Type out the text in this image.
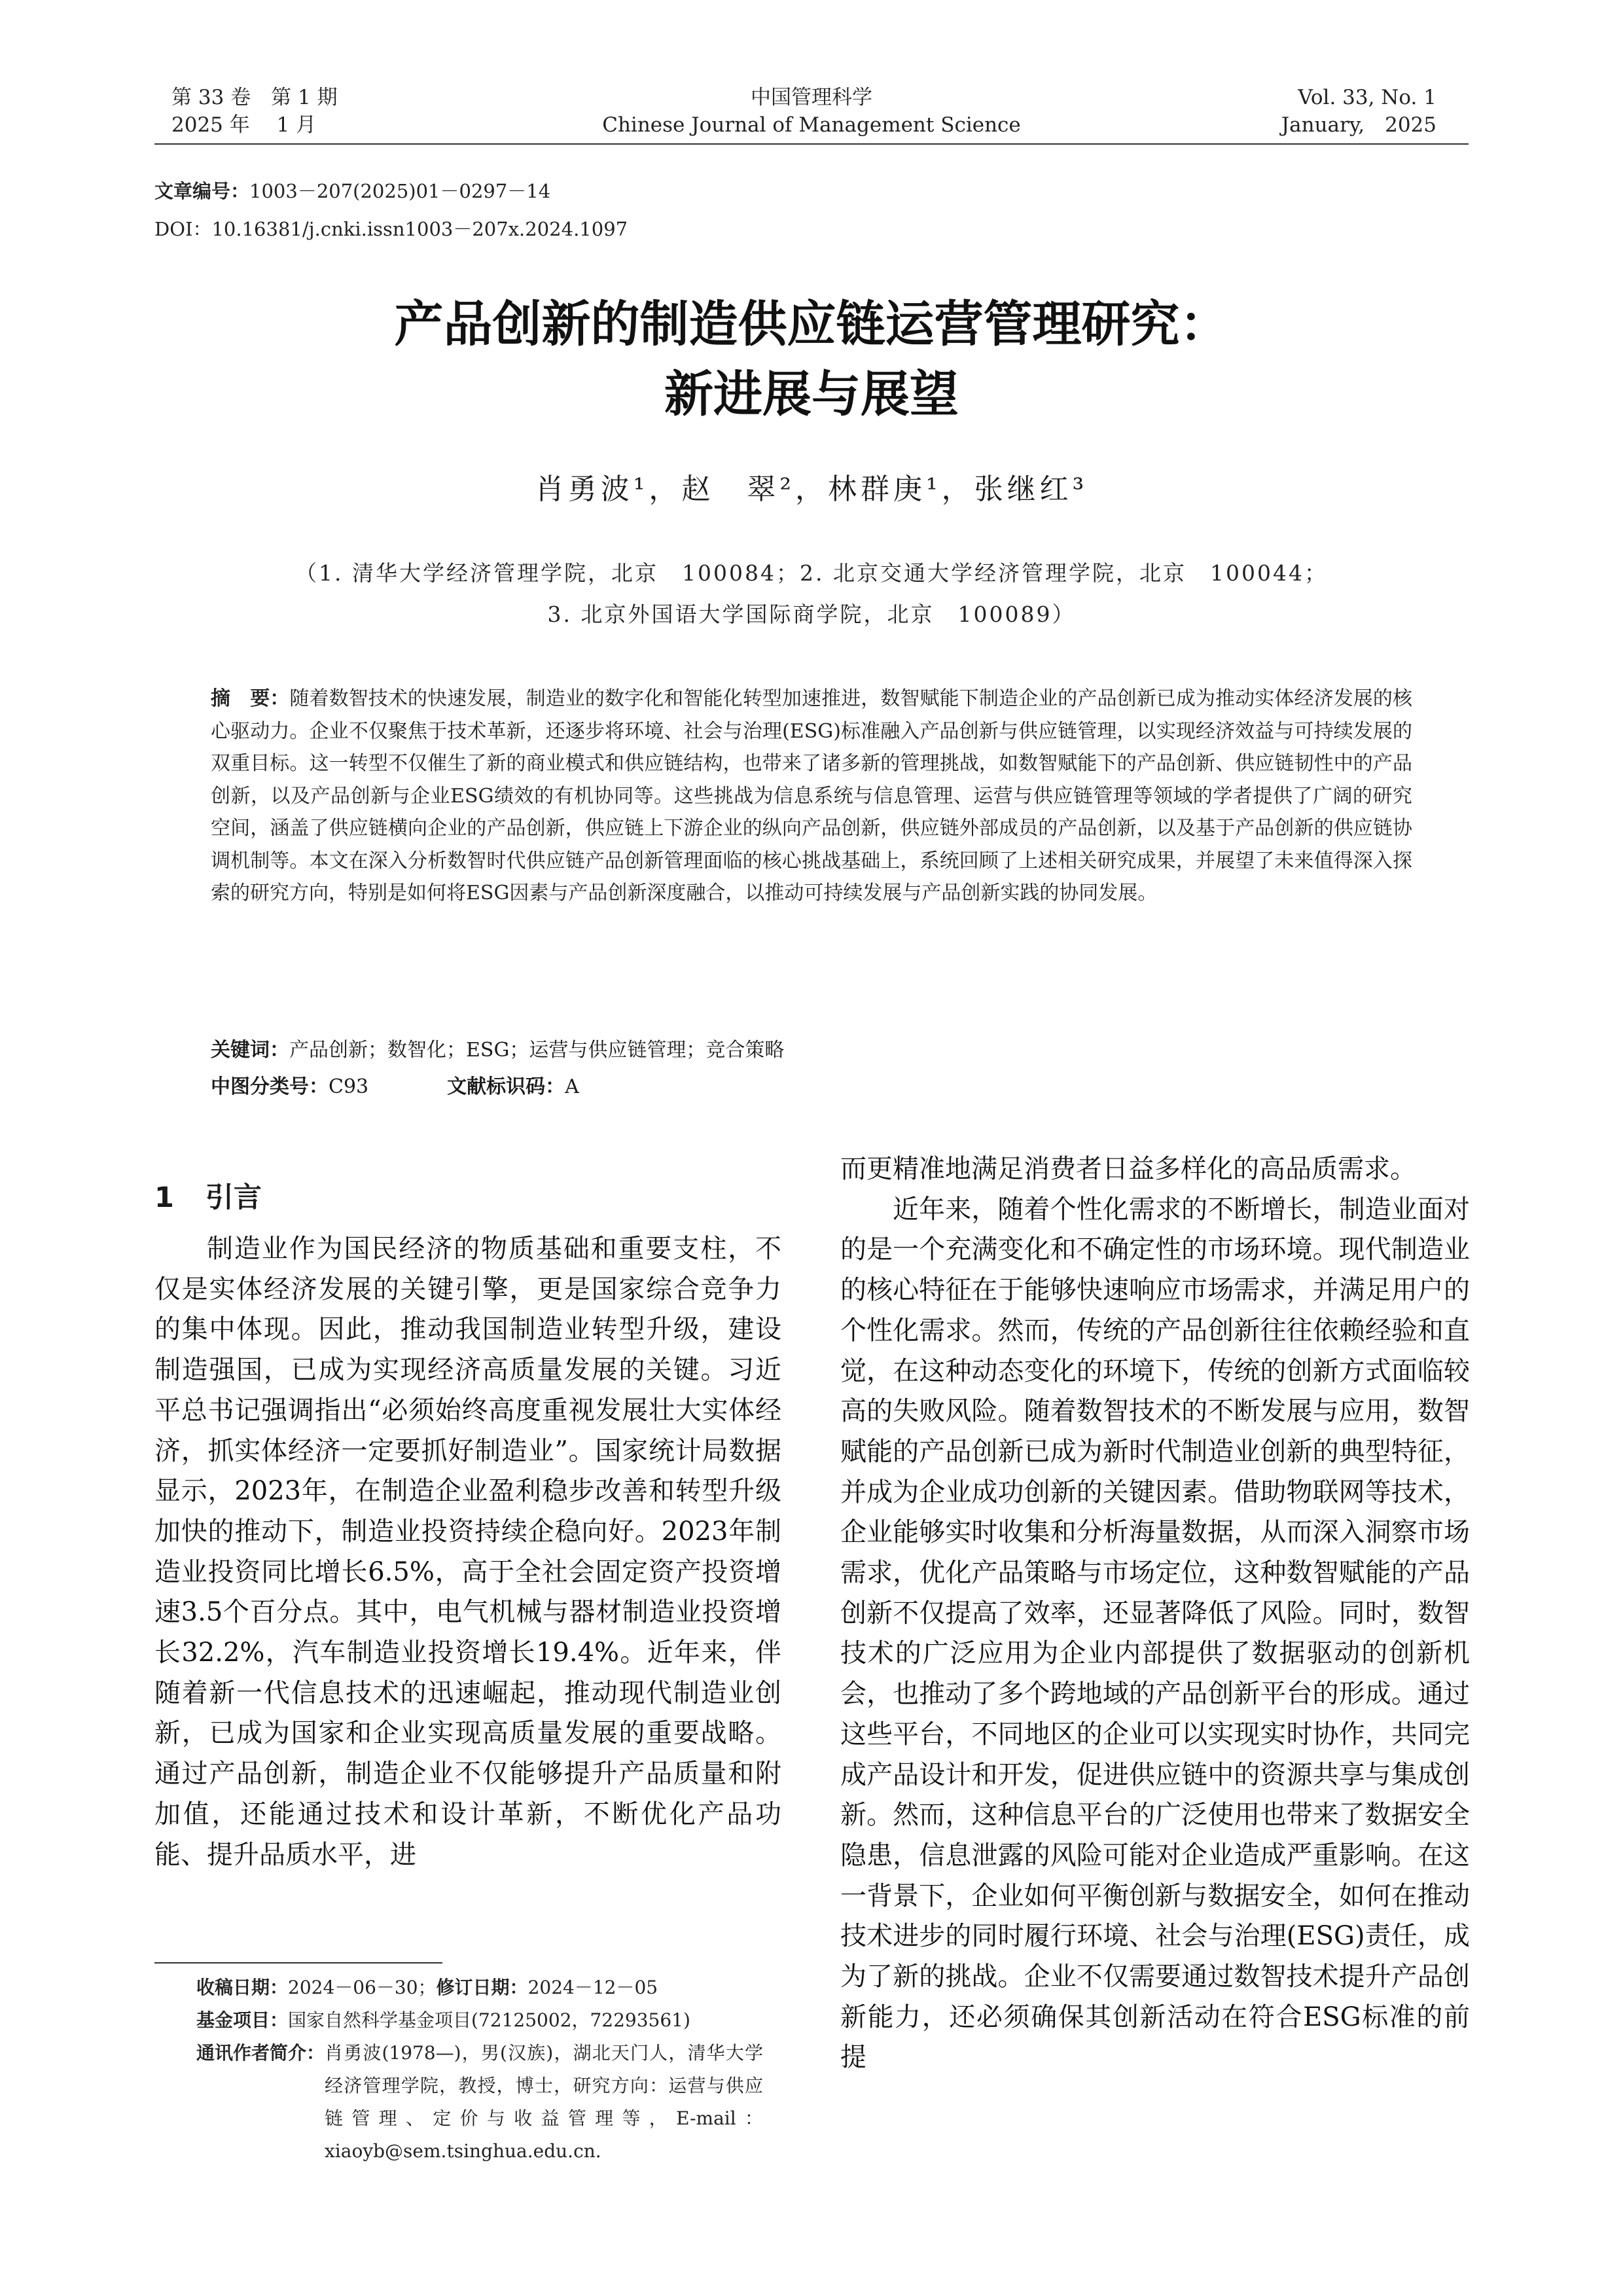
第 33 卷　第 1 期
2025 年　 1 月
中国管理科学
Chinese Journal of Management Science
Vol. 33, No. 1
January,　2025
文章编号：1003－207(2025)01－0297－14
DOI：10.16381/j.cnki.issn1003－207x.2024.1097
产品创新的制造供应链运营管理研究：
新进展与展望
肖勇波¹，赵　翠²，林群庚¹，张继红³
（1. 清华大学经济管理学院，北京　100084；2. 北京交通大学经济管理学院，北京　100044；
3. 北京外国语大学国际商学院，北京　100089）
摘　要：随着数智技术的快速发展，制造业的数字化和智能化转型加速推进，数智赋能下制造企业的产品创新已成为推动实体经济发展的核心驱动力。企业不仅聚焦于技术革新，还逐步将环境、社会与治理(ESG)标准融入产品创新与供应链管理，以实现经济效益与可持续发展的双重目标。这一转型不仅催生了新的商业模式和供应链结构，也带来了诸多新的管理挑战，如数智赋能下的产品创新、供应链韧性中的产品创新，以及产品创新与企业ESG绩效的有机协同等。这些挑战为信息系统与信息管理、运营与供应链管理等领域的学者提供了广阔的研究空间，涵盖了供应链横向企业的产品创新，供应链上下游企业的纵向产品创新，供应链外部成员的产品创新，以及基于产品创新的供应链协调机制等。本文在深入分析数智时代供应链产品创新管理面临的核心挑战基础上，系统回顾了上述相关研究成果，并展望了未来值得深入探索的研究方向，特别是如何将ESG因素与产品创新深度融合，以推动可持续发展与产品创新实践的协同发展。
关键词：产品创新；数智化；ESG；运营与供应链管理；竞合策略
中图分类号：C93	文献标识码：A
1 引言

制造业作为国民经济的物质基础和重要支柱，不仅是实体经济发展的关键引擎，更是国家综合竞争力的集中体现。因此，推动我国制造业转型升级，建设制造强国，已成为实现经济高质量发展的关键。习近平总书记强调指出“必须始终高度重视发展壮大实体经济，抓实体经济一定要抓好制造业”。国家统计局数据显示，2023年，在制造企业盈利稳步改善和转型升级加快的推动下，制造业投资持续企稳向好。2023年制造业投资同比增长6.5%，高于全社会固定资产投资增速3.5个百分点。其中，电气机械与器材制造业投资增长32.2%，汽车制造业投资增长19.4%。近年来，伴随着新一代信息技术的迅速崛起，推动现代制造业创新，已成为国家和企业实现高质量发展的重要战略。通过产品创新，制造企业不仅能够提升产品质量和附加值，还能通过技术和设计革新，不断优化产品功能、提升品质水平，进

而更精准地满足消费者日益多样化的高品质需求。

近年来，随着个性化需求的不断增长，制造业面对的是一个充满变化和不确定性的市场环境。现代制造业的核心特征在于能够快速响应市场需求，并满足用户的个性化需求。然而，传统的产品创新往往依赖经验和直觉，在这种动态变化的环境下，传统的创新方式面临较高的失败风险。随着数智技术的不断发展与应用，数智赋能的产品创新已成为新时代制造业创新的典型特征，并成为企业成功创新的关键因素。借助物联网等技术，企业能够实时收集和分析海量数据，从而深入洞察市场需求，优化产品策略与市场定位，这种数智赋能的产品创新不仅提高了效率，还显著降低了风险。同时，数智技术的广泛应用为企业内部提供了数据驱动的创新机会，也推动了多个跨地域的产品创新平台的形成。通过这些平台，不同地区的企业可以实现实时协作，共同完成产品设计和开发，促进供应链中的资源共享与集成创新。然而，这种信息平台的广泛使用也带来了数据安全隐患，信息泄露的风险可能对企业造成严重影响。在这一背景下，企业如何平衡创新与数据安全，如何在推动技术进步的同时履行环境、社会与治理(ESG)责任，成为了新的挑战。企业不仅需要通过数智技术提升产品创新能力，还必须确保其创新活动在符合ESG标准的前提

收稿日期： 2024－06－30； 修订日期： 2024－12－05
基金项目： 国家自然科学基金项目(72125002，72293561)
通讯作者简介： 肖勇波(1978—)，男(汉族)，湖北天门人，清华大学经济管理学院，教授，博士，研究方向：运营与供应链管理、定价与收益管理等，E-mail：xiaoyb@sem.tsinghua.edu.cn.
